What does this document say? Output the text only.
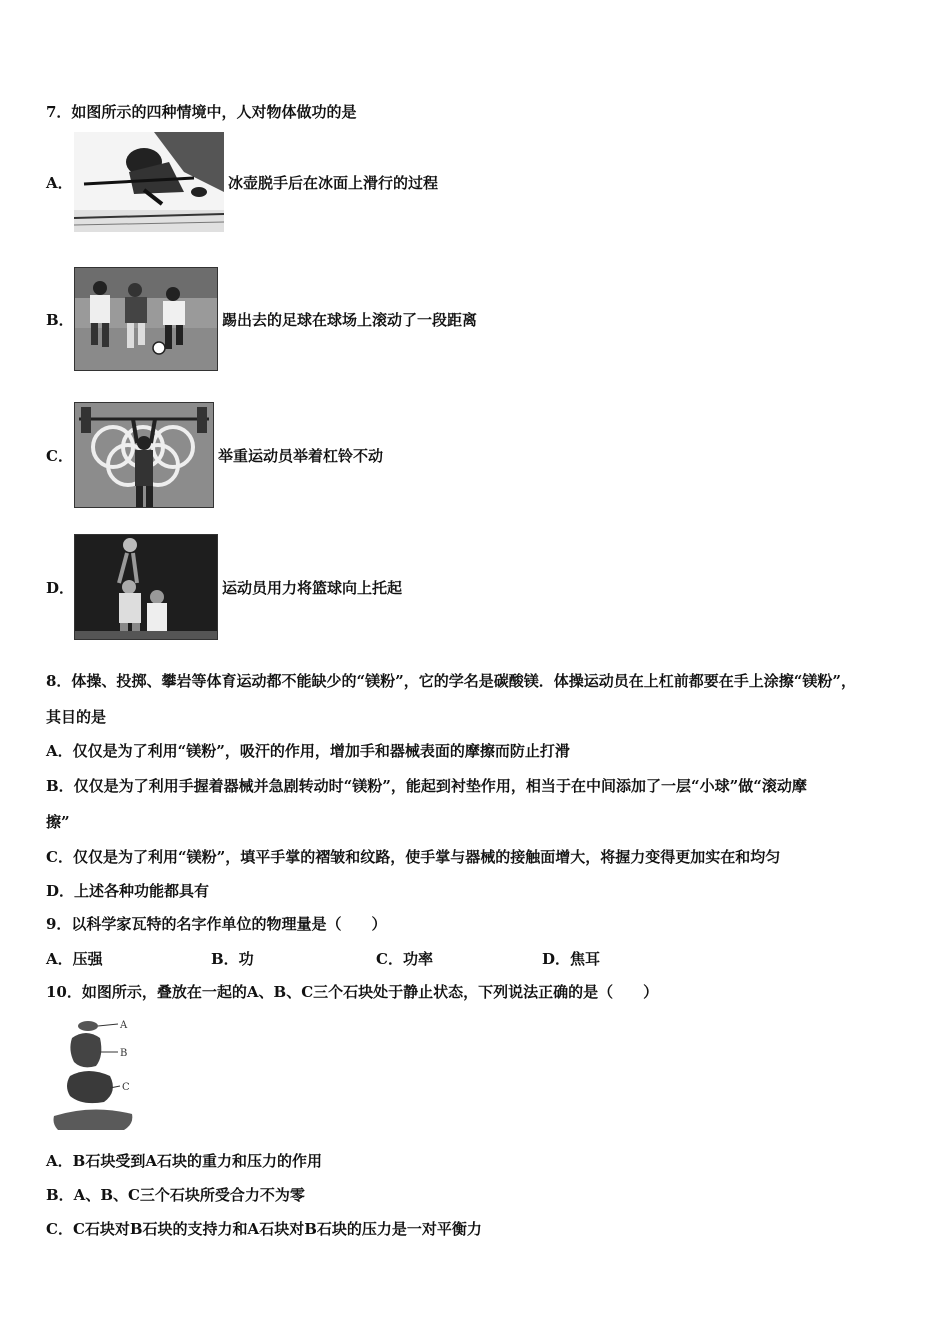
7．如图所示的四种情境中，人对物体做功的是
A．	冰壶脱手后在冰面上滑行的过程
B．	踢出去的足球在球场上滚动了一段距离
C．	举重运动员举着杠铃不动
D．	运动员用力将篮球向上托起
8．体操、投掷、攀岩等体育运动都不能缺少的“镁粉”，它的学名是碳酸镁．体操运动员在上杠前都要在手上涂擦“镁粉”，
其目的是
A．仅仅是为了利用“镁粉”，吸汗的作用，增加手和器械表面的摩擦而防止打滑
B．仅仅是为了利用手握着器械并急剧转动时“镁粉”，能起到衬垫作用，相当于在中间添加了一层“小球”做“滚动摩
擦”
C．仅仅是为了利用“镁粉”，填平手掌的褶皱和纹路，使手掌与器械的接触面增大，将握力变得更加实在和均匀
D．上述各种功能都具有
9．以科学家瓦特的名字作单位的物理量是（　　）
A．压强	B．功	C．功率	D．焦耳
10．如图所示，叠放在一起的A、B、C三个石块处于静止状态，下列说法正确的是（　　）
A
B
C
A．B石块受到A石块的重力和压力的作用
B．A、B、C三个石块所受合力不为零
C．C石块对B石块的支持力和A石块对B石块的压力是一对平衡力
